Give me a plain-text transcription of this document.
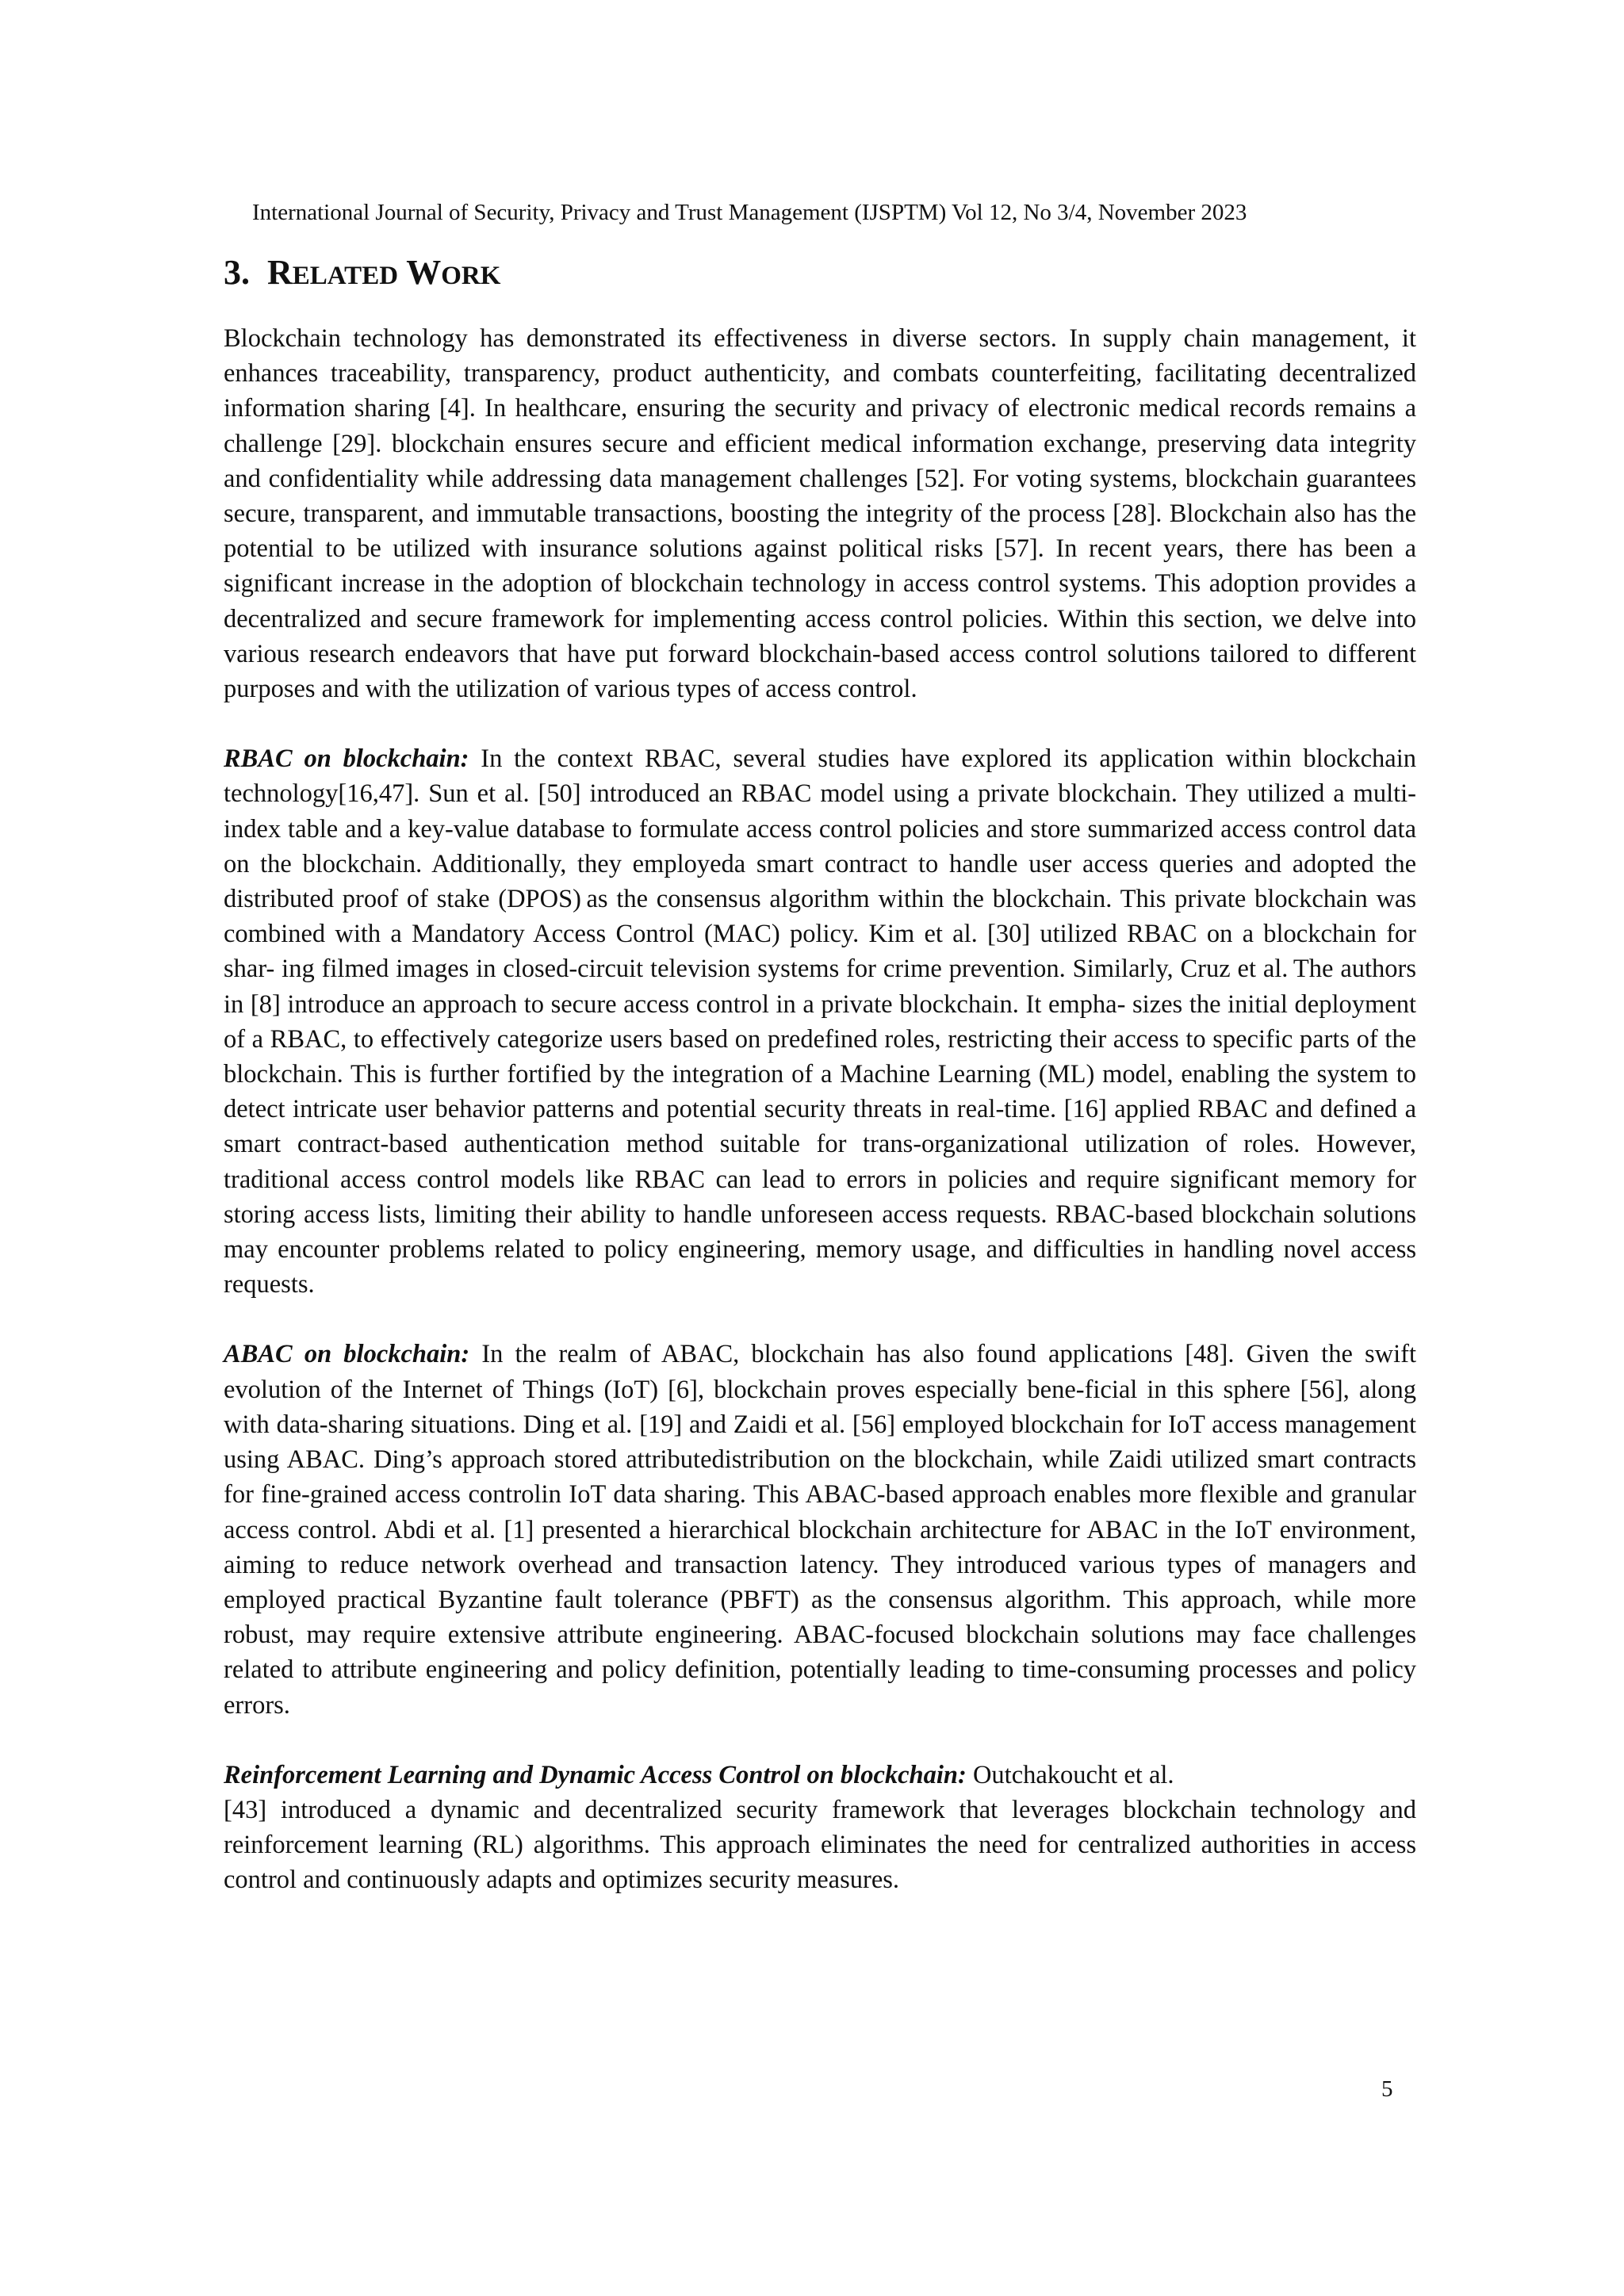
International Journal of Security, Privacy and Trust Management (IJSPTM) Vol 12, No 3/4, November 2023
3. RELATED WORK

Blockchain technology has demonstrated its effectiveness in diverse sectors. In supply chain management, it enhances traceability, transparency, product authenticity, and combats counterfeiting, facilitating decentralized information sharing [4]. In healthcare, ensuring the security and privacy of electronic medical records remains a challenge [29]. blockchain ensures secure and efficient medical information exchange, preserving data integrity and confidentiality while addressing data management challenges [52]. For voting systems, blockchain guarantees secure, transparent, and immutable transactions, boosting the integrity of the process [28]. Blockchain also has the potential to be utilized with insurance solutions against political risks [57]. In recent years, there has been a significant increase in the adoption of blockchain technology in access control systems. This adoption provides a decentralized and secure framework for implementing access control policies. Within this section, we delve into various research endeavors that have put forward blockchain-based access control solutions tailored to different purposes and with the utilization of various types of access control.

RBAC on blockchain: In the context RBAC, several studies have explored its application within blockchain technology[16,47]. Sun et al. [50] introduced an RBAC model using a private blockchain. They utilized a multi-index table and a key-value database to formulate access control policies and store summarized access control data on the blockchain. Additionally, they employeda smart contract to handle user access queries and adopted the distributed proof of stake (DPOS) as the consensus algorithm within the blockchain. This private blockchain was combined with a Mandatory Access Control (MAC) policy. Kim et al. [30] utilized RBAC on a blockchain for shar- ing filmed images in closed-circuit television systems for crime prevention. Similarly, Cruz et al. The authors in [8] introduce an approach to secure access control in a private blockchain. It empha- sizes the initial deployment of a RBAC, to effectively categorize users based on predefined roles, restricting their access to specific parts of the blockchain. This is further fortified by the integration of a Machine Learning (ML) model, enabling the system to detect intricate user behavior patterns and potential security threats in real-time. [16] applied RBAC and defined a smart contract-based authentication method suitable for trans-organizational utilization of roles. However, traditional access control models like RBAC can lead to errors in policies and require significant memory for storing access lists, limiting their ability to handle unforeseen access requests. RBAC-based blockchain solutions may encounter problems related to policy engineering, memory usage, and difficulties in handling novel access requests.

ABAC on blockchain: In the realm of ABAC, blockchain has also found applications [48]. Given the swift evolution of the Internet of Things (IoT) [6], blockchain proves especially bene-ficial in this sphere [56], along with data-sharing situations. Ding et al. [19] and Zaidi et al. [56] employed blockchain for IoT access management using ABAC. Ding’s approach stored attributedistribution on the blockchain, while Zaidi utilized smart contracts for fine-grained access controlin IoT data sharing. This ABAC-based approach enables more flexible and granular access control. Abdi et al. [1] presented a hierarchical blockchain architecture for ABAC in the IoT environment, aiming to reduce network overhead and transaction latency. They introduced various types of managers and employed practical Byzantine fault tolerance (PBFT) as the consensus algorithm. This approach, while more robust, may require extensive attribute engineering. ABAC-focused blockchain solutions may face challenges related to attribute engineering and policy definition, potentially leading to time-consuming processes and policy errors.

Reinforcement Learning and Dynamic Access Control on blockchain: Outchakoucht et al.

[43] introduced a dynamic and decentralized security framework that leverages blockchain technology and reinforcement learning (RL) algorithms. This approach eliminates the need for centralized authorities in access control and continuously adapts and optimizes security measures.

5
